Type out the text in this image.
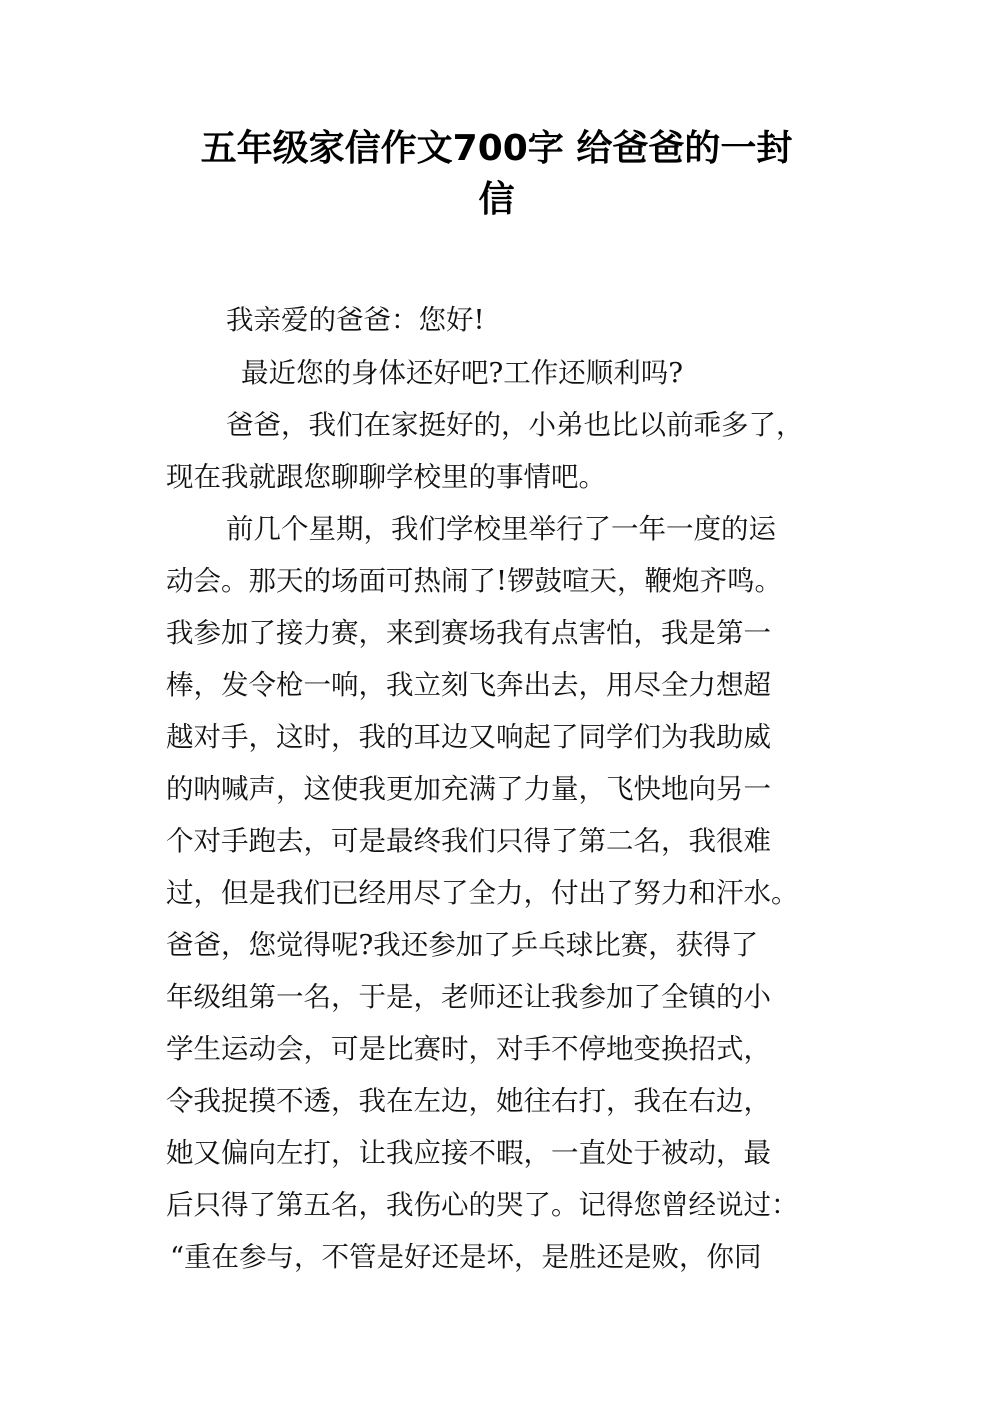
五年级家信作文700字 给爸爸的一封
信

我亲爱的爸爸：您好!

最近您的身体还好吧?工作还顺利吗?

爸爸，我们在家挺好的，小弟也比以前乖多了，

现在我就跟您聊聊学校里的事情吧。

前几个星期，我们学校里举行了一年一度的运

动会。那天的场面可热闹了!锣鼓喧天，鞭炮齐鸣。

我参加了接力赛，来到赛场我有点害怕，我是第一

棒，发令枪一响，我立刻飞奔出去，用尽全力想超

越对手，这时，我的耳边又响起了同学们为我助威

的呐喊声，这使我更加充满了力量，飞快地向另一

个对手跑去，可是最终我们只得了第二名，我很难

过，但是我们已经用尽了全力，付出了努力和汗水。

爸爸，您觉得呢?我还参加了乒乓球比赛，获得了

年级组第一名，于是，老师还让我参加了全镇的小

学生运动会，可是比赛时，对手不停地变换招式，

令我捉摸不透，我在左边，她往右打，我在右边，

她又偏向左打，让我应接不暇，一直处于被动，最

后只得了第五名，我伤心的哭了。记得您曾经说过：

“重在参与，不管是好还是坏，是胜还是败，你同
